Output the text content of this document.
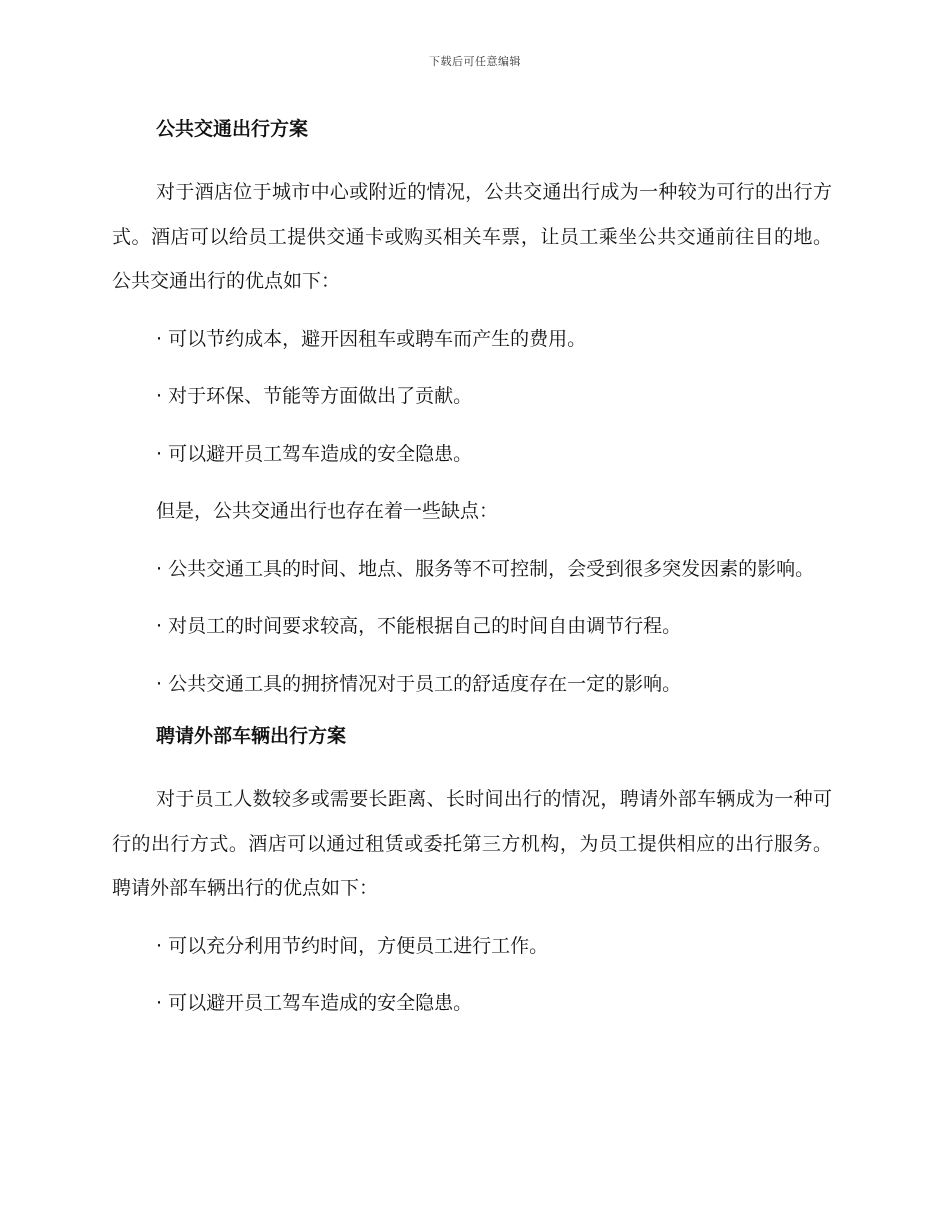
下载后可任意编辑
公共交通出行方案
对于酒店位于城市中心或附近的情况，公共交通出行成为一种较为可行的出行方式。酒店可以给员工提供交通卡或购买相关车票，让员工乘坐公共交通前往目的地。公共交通出行的优点如下：
· 可以节约成本，避开因租车或聘车而产生的费用。
· 对于环保、节能等方面做出了贡献。
· 可以避开员工驾车造成的安全隐患。
但是，公共交通出行也存在着一些缺点：
· 公共交通工具的时间、地点、服务等不可控制，会受到很多突发因素的影响。
· 对员工的时间要求较高，不能根据自己的时间自由调节行程。
· 公共交通工具的拥挤情况对于员工的舒适度存在一定的影响。
聘请外部车辆出行方案
对于员工人数较多或需要长距离、长时间出行的情况，聘请外部车辆成为一种可行的出行方式。酒店可以通过租赁或委托第三方机构，为员工提供相应的出行服务。聘请外部车辆出行的优点如下：
· 可以充分利用节约时间，方便员工进行工作。
· 可以避开员工驾车造成的安全隐患。
